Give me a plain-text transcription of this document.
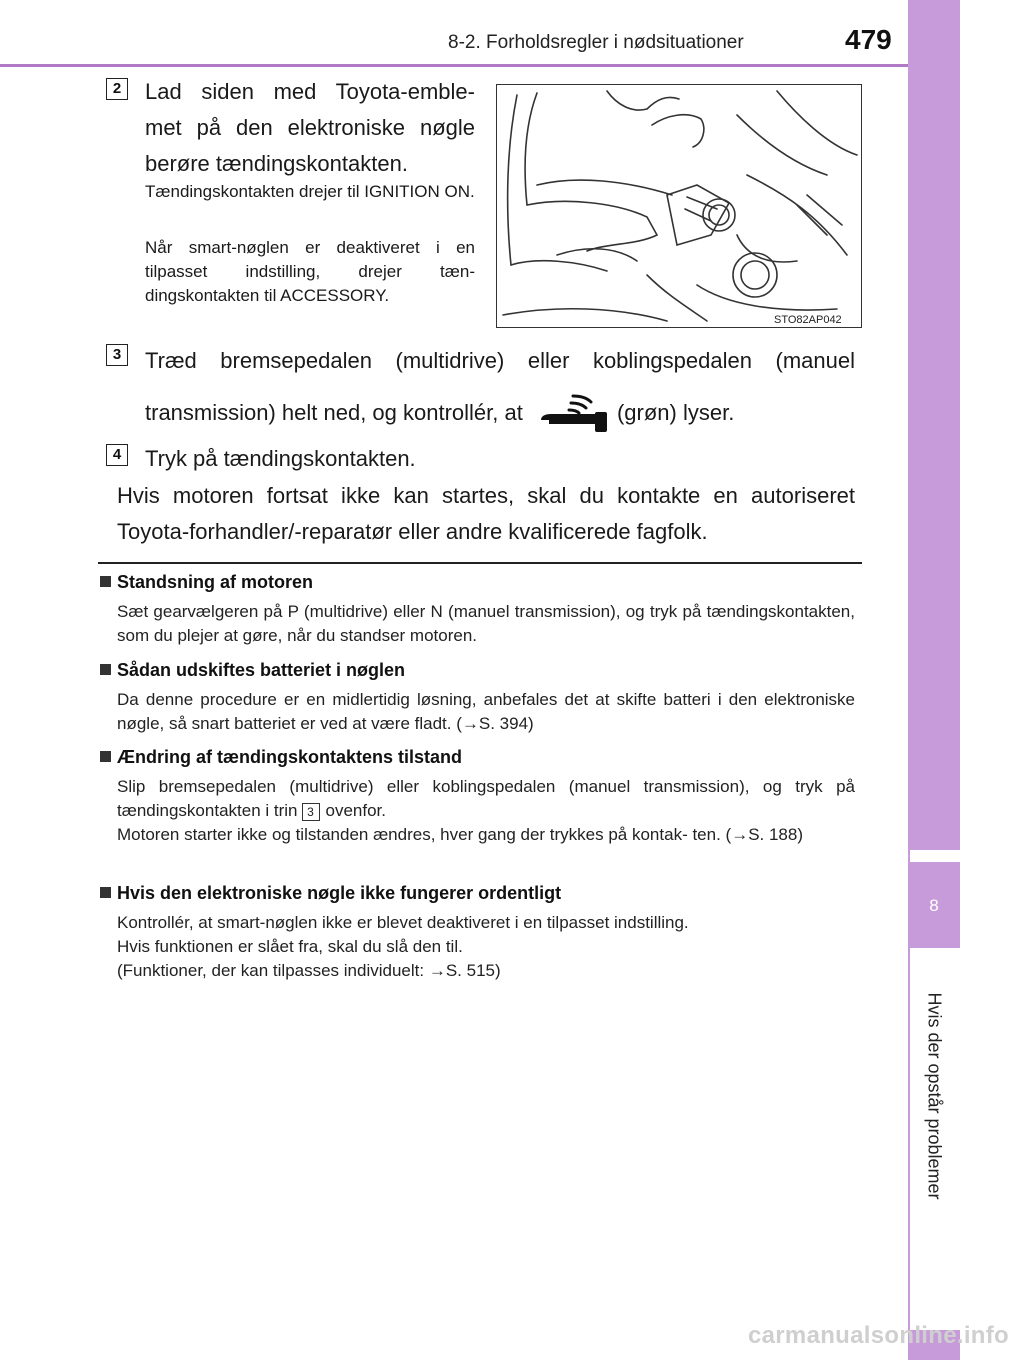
8-2. Forholdsregler i nødsituationer	479
8
Hvis der opstår problemer
2	Lad siden med Toyota-emble- met på den elektroniske nøgle berøre tændingskontakten.
Tændingskontakten drejer til IGNITION ON.
Når smart-nøglen er deaktiveret i en tilpasset indstilling, drejer tæn- dingskontakten til ACCESSORY.
STO82AP042
3	Træd bremsepedalen (multidrive) eller koblingspedalen (manuel
transmission) helt ned, og kontrollér, at	(grøn) lyser.
4	Tryk på tændingskontakten.
Hvis motoren fortsat ikke kan startes, skal du kontakte en autoriseret Toyota-forhandler/-reparatør eller andre kvalificerede fagfolk.
Standsning af motoren
Sæt gearvælgeren på P (multidrive) eller N (manuel transmission), og tryk på tændingskontakten, som du plejer at gøre, når du standser motoren.
Sådan udskiftes batteriet i nøglen
Da denne procedure er en midlertidig løsning, anbefales det at skifte batteri i den elektroniske nøgle, så snart batteriet er ved at være fladt. (→S. 394)
Ændring af tændingskontaktens tilstand
Slip bremsepedalen (multidrive) eller koblingspedalen (manuel transmission), og tryk på tændingskontakten i trin 3 ovenfor.
Motoren starter ikke og tilstanden ændres, hver gang der trykkes på kontak- ten. (→S. 188)
Hvis den elektroniske nøgle ikke fungerer ordentligt
Kontrollér, at smart-nøglen ikke er blevet deaktiveret i en tilpasset indstilling.
Hvis funktionen er slået fra, skal du slå den til.
(Funktioner, der kan tilpasses individuelt: →S. 515)
carmanualsonline.info
